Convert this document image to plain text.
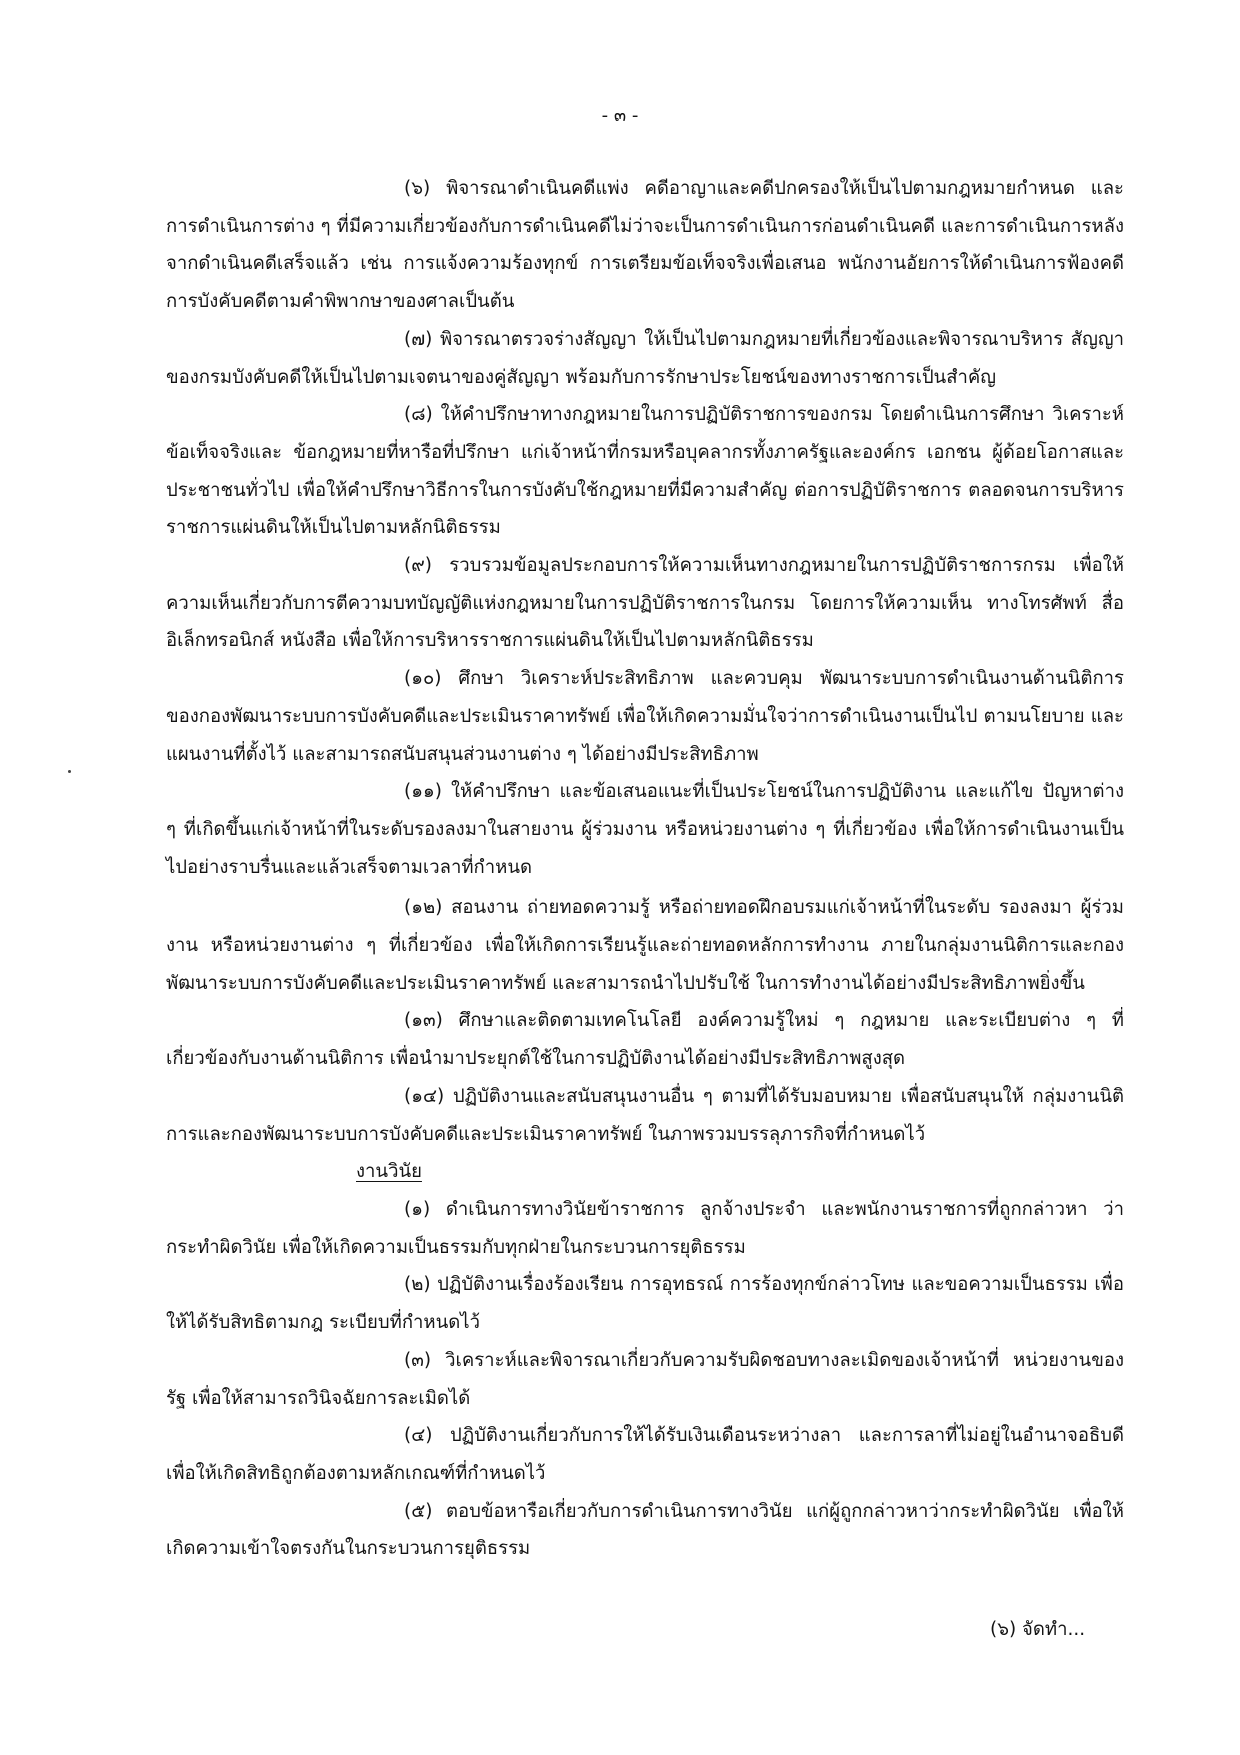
- ๓ -

(๖) พิจารณาดำเนินคดีแพ่ง คดีอาญาและคดีปกครองให้เป็นไปตามกฎหมายกำหนด และการดำเนินการต่าง ๆ ที่มีความเกี่ยวข้องกับการดำเนินคดีไม่ว่าจะเป็นการดำเนินการก่อนดำเนินคดี และการดำเนินการหลังจากดำเนินคดีเสร็จแล้ว เช่น การแจ้งความร้องทุกข์ การเตรียมข้อเท็จจริงเพื่อเสนอ พนักงานอัยการให้ดำเนินการฟ้องคดี การบังคับคดีตามคำพิพากษาของศาลเป็นต้น

(๗) พิจารณาตรวจร่างสัญญา ให้เป็นไปตามกฎหมายที่เกี่ยวข้องและพิจารณาบริหาร สัญญาของกรมบังคับคดีให้เป็นไปตามเจตนาของคู่สัญญา พร้อมกับการรักษาประโยชน์ของทางราชการเป็นสำคัญ

(๘) ให้คำปรึกษาทางกฎหมายในการปฏิบัติราชการของกรม โดยดำเนินการศึกษา วิเคราะห์ข้อเท็จจริงและ ข้อกฎหมายที่หารือที่ปรึกษา แก่เจ้าหน้าที่กรมหรือบุคลากรทั้งภาครัฐและองค์กร เอกชน ผู้ด้อยโอกาสและประชาชนทั่วไป เพื่อให้คำปรึกษาวิธีการในการบังคับใช้กฎหมายที่มีความสำคัญ ต่อการปฏิบัติราชการ ตลอดจนการบริหารราชการแผ่นดินให้เป็นไปตามหลักนิติธรรม

(๙) รวบรวมข้อมูลประกอบการให้ความเห็นทางกฎหมายในการปฏิบัติราชการกรม เพื่อให้ความเห็นเกี่ยวกับการตีความบทบัญญัติแห่งกฎหมายในการปฏิบัติราชการในกรม โดยการให้ความเห็น ทางโทรศัพท์ สื่ออิเล็กทรอนิกส์ หนังสือ เพื่อให้การบริหารราชการแผ่นดินให้เป็นไปตามหลักนิติธรรม

(๑๐) ศึกษา วิเคราะห์ประสิทธิภาพ และควบคุม พัฒนาระบบการดำเนินงานด้านนิติการ ของกองพัฒนาระบบการบังคับคดีและประเมินราคาทรัพย์ เพื่อให้เกิดความมั่นใจว่าการดำเนินงานเป็นไป ตามนโยบาย และแผนงานที่ตั้งไว้ และสามารถสนับสนุนส่วนงานต่าง ๆ ได้อย่างมีประสิทธิภาพ

(๑๑) ให้คำปรึกษา และข้อเสนอแนะที่เป็นประโยชน์ในการปฏิบัติงาน และแก้ไข ปัญหาต่าง ๆ ที่เกิดขึ้นแก่เจ้าหน้าที่ในระดับรองลงมาในสายงาน ผู้ร่วมงาน หรือหน่วยงานต่าง ๆ ที่เกี่ยวข้อง เพื่อให้การดำเนินงานเป็นไปอย่างราบรื่นและแล้วเสร็จตามเวลาที่กำหนด

(๑๒) สอนงาน ถ่ายทอดความรู้ หรือถ่ายทอดฝึกอบรมแก่เจ้าหน้าที่ในระดับ รองลงมา ผู้ร่วมงาน หรือหน่วยงานต่าง ๆ ที่เกี่ยวข้อง เพื่อให้เกิดการเรียนรู้และถ่ายทอดหลักการทำงาน ภายในกลุ่มงานนิติการและกองพัฒนาระบบการบังคับคดีและประเมินราคาทรัพย์ และสามารถนำไปปรับใช้ ในการทำงานได้อย่างมีประสิทธิภาพยิ่งขึ้น

(๑๓) ศึกษาและติดตามเทคโนโลยี องค์ความรู้ใหม่ ๆ กฎหมาย และระเบียบต่าง ๆ ที่เกี่ยวข้องกับงานด้านนิติการ เพื่อนำมาประยุกต์ใช้ในการปฏิบัติงานได้อย่างมีประสิทธิภาพสูงสุด

(๑๔) ปฏิบัติงานและสนับสนุนงานอื่น ๆ ตามที่ได้รับมอบหมาย เพื่อสนับสนุนให้ กลุ่มงานนิติการและกองพัฒนาระบบการบังคับคดีและประเมินราคาทรัพย์ ในภาพรวมบรรลุภารกิจที่กำหนดไว้

งานวินัย

(๑) ดำเนินการทางวินัยข้าราชการ ลูกจ้างประจำ และพนักงานราชการที่ถูกกล่าวหา ว่ากระทำผิดวินัย เพื่อให้เกิดความเป็นธรรมกับทุกฝ่ายในกระบวนการยุติธรรม

(๒) ปฏิบัติงานเรื่องร้องเรียน การอุทธรณ์ การร้องทุกข์กล่าวโทษ และขอความเป็นธรรม เพื่อให้ได้รับสิทธิตามกฎ ระเบียบที่กำหนดไว้

(๓) วิเคราะห์และพิจารณาเกี่ยวกับความรับผิดชอบทางละเมิดของเจ้าหน้าที่ หน่วยงานของรัฐ เพื่อให้สามารถวินิจฉัยการละเมิดได้

(๔) ปฏิบัติงานเกี่ยวกับการให้ได้รับเงินเดือนระหว่างลา และการลาที่ไม่อยู่ในอำนาจอธิบดี เพื่อให้เกิดสิทธิถูกต้องตามหลักเกณฑ์ที่กำหนดไว้

(๕) ตอบข้อหารือเกี่ยวกับการดำเนินการทางวินัย แก่ผู้ถูกกล่าวหาว่ากระทำผิดวินัย เพื่อให้เกิดความเข้าใจตรงกันในกระบวนการยุติธรรม

(๖) จัดทำ...
